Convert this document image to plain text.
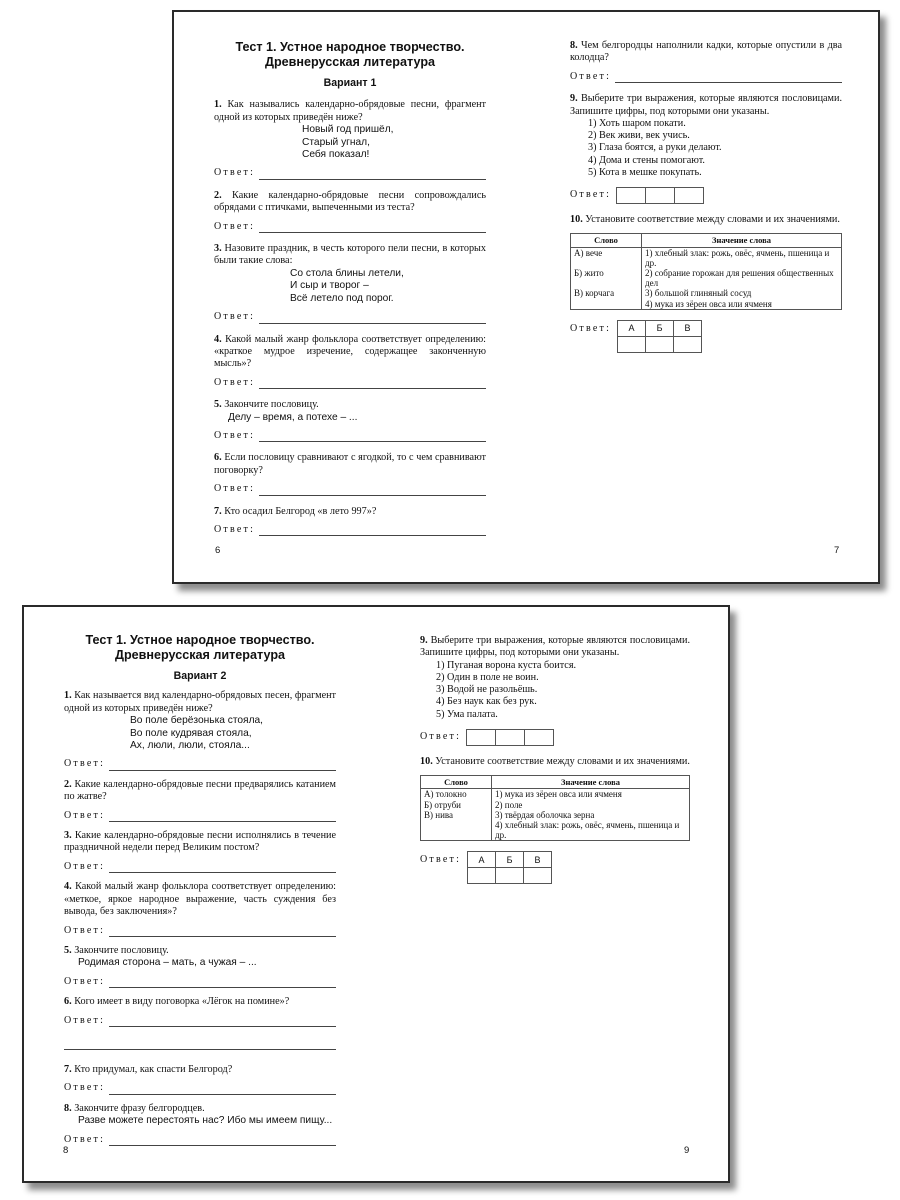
Тест 1. Устное народное творчество.
Древнерусская литература
Вариант 1
1. Как назывались календарно-обрядовые песни, фрагмент одной из которых приведён ниже?
Новый год пришёл,
Старый угнал,
Себя показал!
Ответ:
2. Какие календарно-обрядовые песни сопровождались обрядами с птичками, выпеченными из теста?
Ответ:
3. Назовите праздник, в честь которого пели песни, в которых были такие слова:
Со стола блины летели,
И сыр и творог –
Всё летело под порог.
Ответ:
4. Какой малый жанр фольклора соответствует определению: «краткое мудрое изречение, содержащее законченную мысль»?
Ответ:
5. Закончите пословицу.
Делу – время, а потехе – ...
Ответ:
6. Если пословицу сравнивают с ягодкой, то с чем сравнивают поговорку?
Ответ:
7. Кто осадил Белгород «в лето 997»?
Ответ:
6
8. Чем белгородцы наполнили кадки, которые опустили в два колодца?
Ответ:
9. Выберите три выражения, которые являются пословицами. Запишите цифры, под которыми они указаны.
1) Хоть шаром покати.
2) Век живи, век учись.
3) Глаза боятся, а руки делают.
4) Дома и стены помогают.
5) Кота в мешке покупать.
Ответ:
10. Установите соответствие между словами и их значениями.
Слово	Значение слова
А) вече	1) хлебный злак: рожь, овёс, ячмень, пшеница и др.
Б) жито	2) собрание горожан для решения общественных дел
В) корчага	3) большой глиняный сосуд
	4) мука из зёрен овса или ячменя
Ответ: А	Б	В

7
Тест 1. Устное народное творчество.
Древнерусская литература
Вариант 2
1. Как называется вид календарно-обрядовых песен, фрагмент одной из которых приведён ниже?
Во поле берёзонька стояла,
Во поле кудрявая стояла,
Ах, люли, люли, стояла...
Ответ:
2. Какие календарно-обрядовые песни предварялись катанием по жатве?
Ответ:
3. Какие календарно-обрядовые песни исполнялись в течение праздничной недели перед Великим постом?
Ответ:
4. Какой малый жанр фольклора соответствует определению: «меткое, яркое народное выражение, часть суждения без вывода, без заключения»?
Ответ:
5. Закончите пословицу.
Родимая сторона – мать, а чужая – ...
Ответ:
6. Кого имеет в виду поговорка «Лёгок на помине»?
Ответ:
7. Кто придумал, как спасти Белгород?
Ответ:
8. Закончите фразу белгородцев.
Разве можете перестоять нас? Ибо мы имеем пищу...
Ответ:
8
9. Выберите три выражения, которые являются пословицами. Запишите цифры, под которыми они указаны.
1) Пуганая ворона куста боится.
2) Один в поле не воин.
3) Водой не разольёшь.
4) Без наук как без рук.
5) Ума палата.
Ответ:
10. Установите соответствие между словами и их значениями.
Слово	Значение слова
А) толокно	1) мука из зёрен овса или ячменя
Б) отруби	2) поле
В) нива	3) твёрдая оболочка зерна
	4) хлебный злак: рожь, овёс, ячмень, пшеница и др.
Ответ: А	Б	В

9
